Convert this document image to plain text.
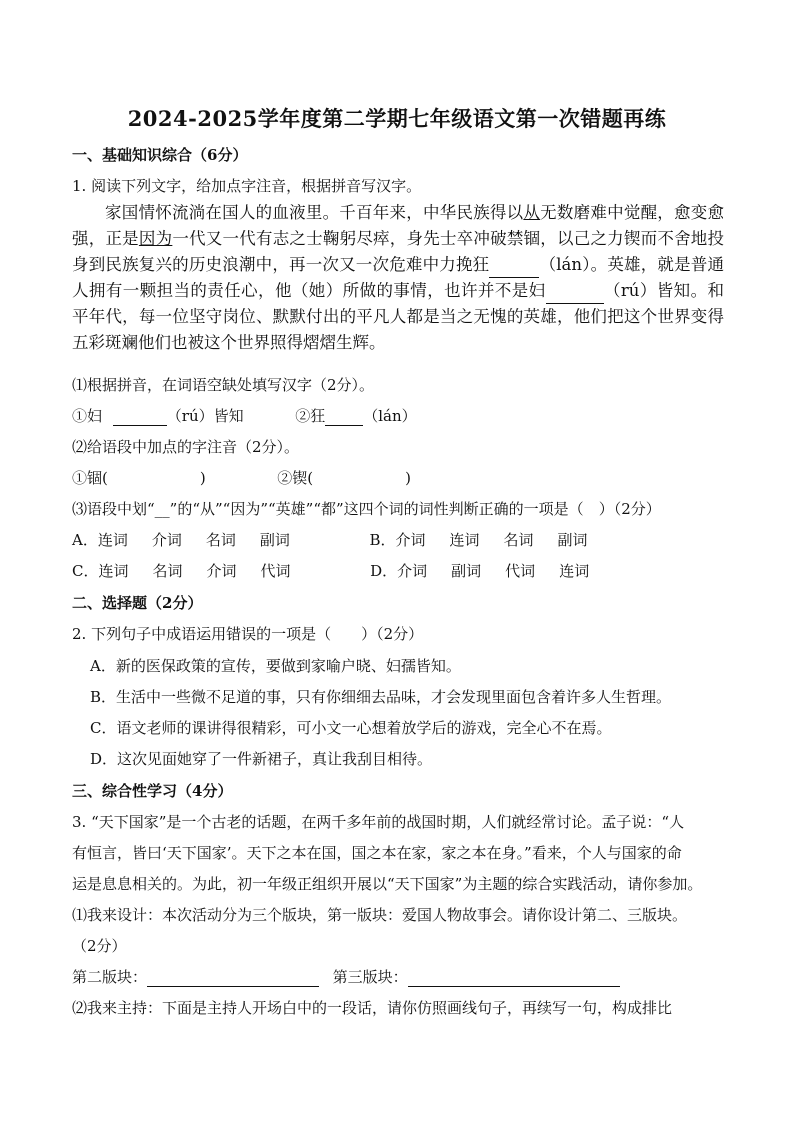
2024-2025学年度第二学期七年级语文第一次错题再练
一、基础知识综合（6分）
1. 阅读下列文字，给加点字注音，根据拼音写汉字。
家国情怀流淌在国人的血液里。千百年来，中华民族得以从无数磨难中觉醒，愈变愈强，正是因为一代又一代有志之士鞠躬尽瘁，身先士卒冲破禁锢，以己之力锲而不舍地投身到民族复兴的历史浪潮中，再一次又一次危难中力挽狂	（lán）。英雄，就是普通人拥有一颗担当的责任心，他（她）所做的事情，也许并不是妇	（rú）皆知。和平年代，每一位坚守岗位、默默付出的平凡人都是当之无愧的英雄，他们把这个世界变得五彩斑斓他们也被这个世界照得熠熠生辉。
⑴根据拼音，在词语空缺处填写汉字（2分）。
①妇	（rú）皆知	②狂	（lán）
⑵给语段中加点的字注音（2分）。
①锢(	)	②锲(	)
⑶语段中划“__”的“从”“因为”“英雄”“都”这四个词的词性判断正确的一项是（　）（2分）
A．连词 介词 名词 副词	B．介词 连词 名词 副词
C．连词 名词 介词 代词	D．介词 副词 代词 连词
二、选择题（2分）
2. 下列句子中成语运用错误的一项是（　　）（2分）
A．新的医保政策的宣传，要做到家喻户晓、妇孺皆知。
B．生活中一些微不足道的事，只有你细细去品味，才会发现里面包含着许多人生哲理。
C．语文老师的课讲得很精彩，可小文一心想着放学后的游戏，完全心不在焉。
D．这次见面她穿了一件新裙子，真让我刮目相待。
三、综合性学习（4分）
3. “天下国家”是一个古老的话题，在两千多年前的战国时期，人们就经常讨论。孟子说：“人
有恒言，皆曰‘天下国家’。天下之本在国，国之本在家，家之本在身。”看来，个人与国家的命
运是息息相关的。为此，初一年级正组织开展以“天下国家”为主题的综合实践活动，请你参加。
⑴我来设计：本次活动分为三个版块，第一版块：爱国人物故事会。请你设计第二、三版块。
（2分）
第二版块：	第三版块：
⑵我来主持：下面是主持人开场白中的一段话，请你仿照画线句子，再续写一句，构成排比
